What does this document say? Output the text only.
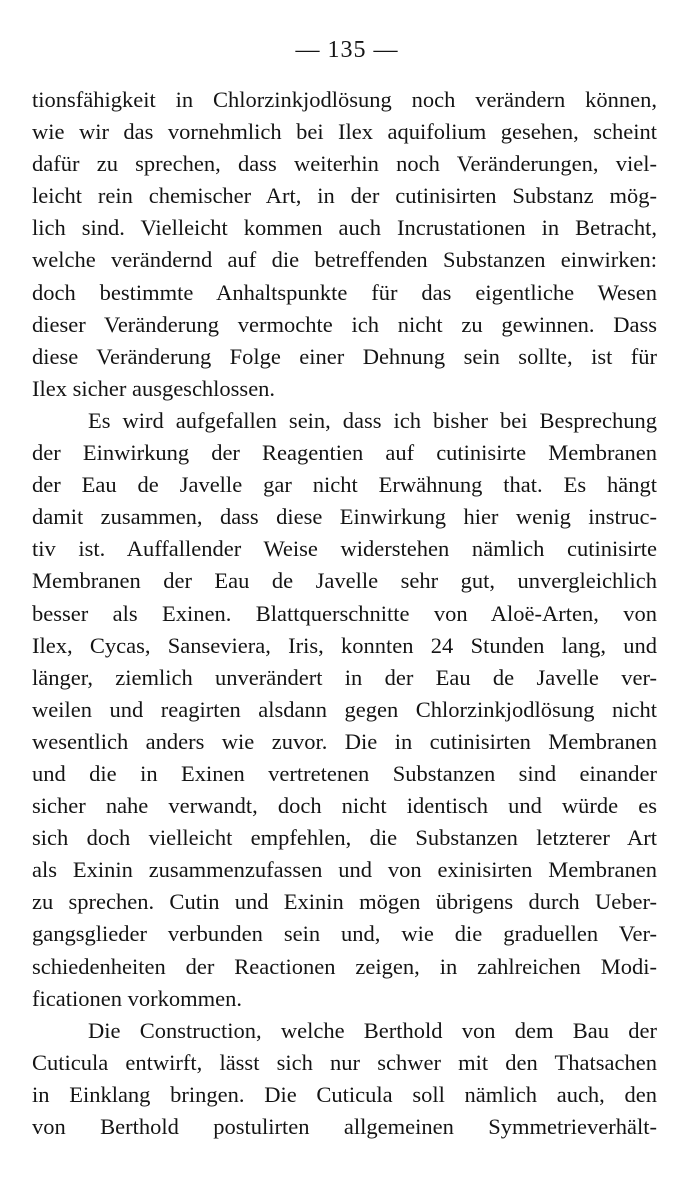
— 135 —
tionsfähigkeit in Chlorzinkjodlösung noch verändern können,
wie wir das vornehmlich bei Ilex aquifolium gesehen, scheint
dafür zu sprechen, dass weiterhin noch Veränderungen, viel-
leicht rein chemischer Art, in der cutinisirten Substanz mög-
lich sind. Vielleicht kommen auch Incrustationen in Betracht,
welche verändernd auf die betreffenden Substanzen einwirken:
doch bestimmte Anhaltspunkte für das eigentliche Wesen
dieser Veränderung vermochte ich nicht zu gewinnen. Dass
diese Veränderung Folge einer Dehnung sein sollte, ist für
Ilex sicher ausgeschlossen.
Es wird aufgefallen sein, dass ich bisher bei Besprechung
der Einwirkung der Reagentien auf cutinisirte Membranen
der Eau de Javelle gar nicht Erwähnung that. Es hängt
damit zusammen, dass diese Einwirkung hier wenig instruc-
tiv ist. Auffallender Weise widerstehen nämlich cutinisirte
Membranen der Eau de Javelle sehr gut, unvergleichlich
besser als Exinen. Blattquerschnitte von Aloë-Arten, von
Ilex, Cycas, Sanseviera, Iris, konnten 24 Stunden lang, und
länger, ziemlich unverändert in der Eau de Javelle ver-
weilen und reagirten alsdann gegen Chlorzinkjodlösung nicht
wesentlich anders wie zuvor. Die in cutinisirten Membranen
und die in Exinen vertretenen Substanzen sind einander
sicher nahe verwandt, doch nicht identisch und würde es
sich doch vielleicht empfehlen, die Substanzen letzterer Art
als Exinin zusammenzufassen und von exinisirten Membranen
zu sprechen. Cutin und Exinin mögen übrigens durch Ueber-
gangsglieder verbunden sein und, wie die graduellen Ver-
schiedenheiten der Reactionen zeigen, in zahlreichen Modi-
ficationen vorkommen.
Die Construction, welche Berthold von dem Bau der
Cuticula entwirft, lässt sich nur schwer mit den Thatsachen
in Einklang bringen. Die Cuticula soll nämlich auch, den
von Berthold postulirten allgemeinen Symmetrieverhält-
